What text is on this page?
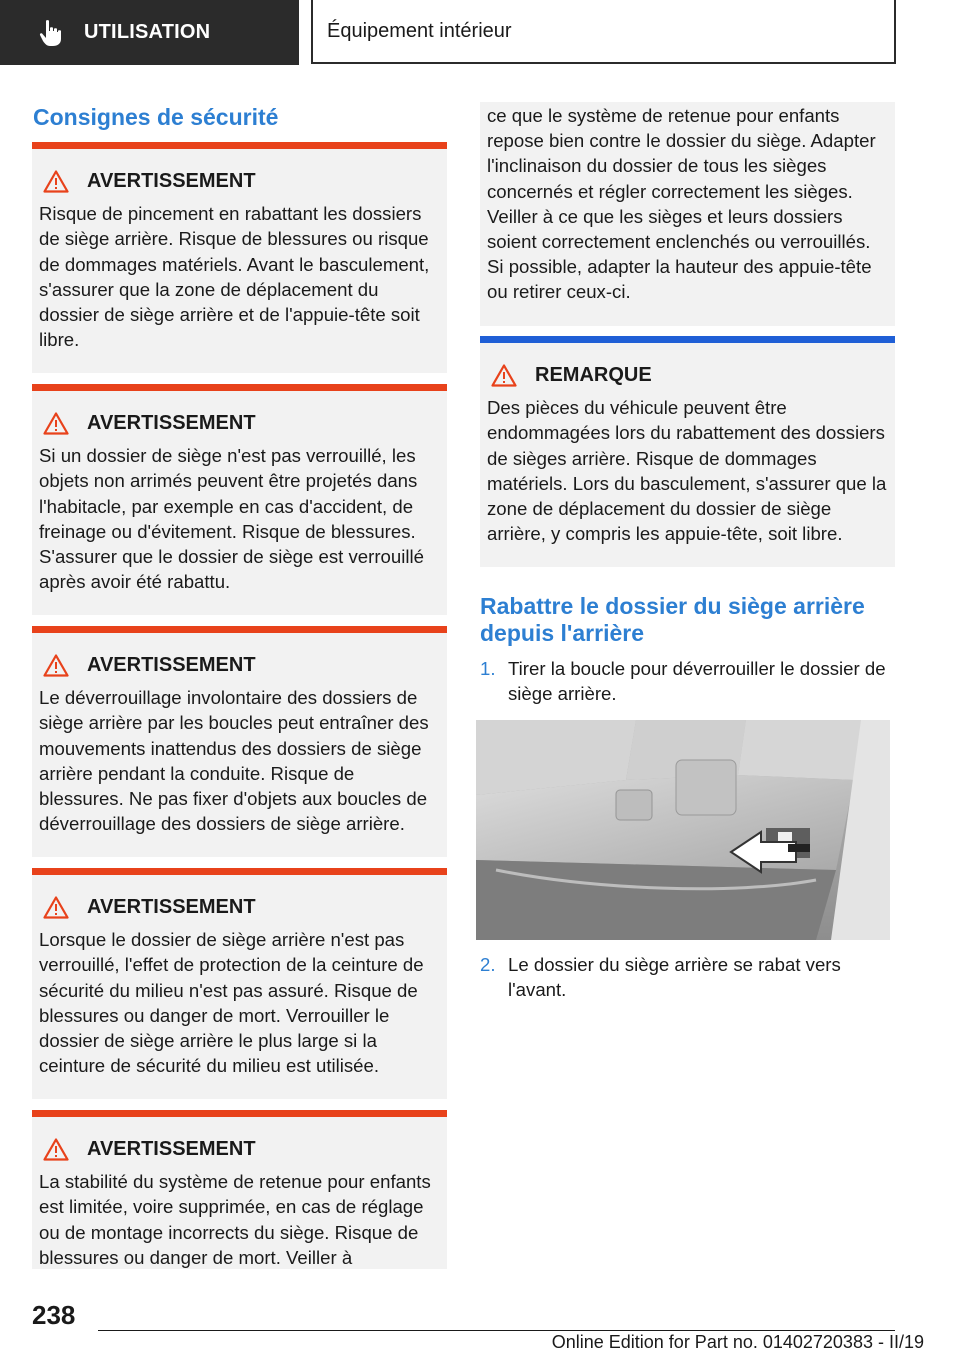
UTILISATION	Équipement intérieur
Consignes de sécurité
AVERTISSEMENT

Risque de pincement en rabattant les dossiers de siège arrière. Risque de blessures ou risque de dommages matériels. Avant le basculement, s'assurer que la zone de déplacement du dossier de siège arrière et de l'appuie-tête soit libre.

AVERTISSEMENT

Si un dossier de siège n'est pas verrouillé, les objets non arrimés peuvent être projetés dans l'habitacle, par exemple en cas d'accident, de freinage ou d'évitement. Risque de blessures. S'assurer que le dossier de siège est verrouillé après avoir été rabattu.

AVERTISSEMENT

Le déverrouillage involontaire des dossiers de siège arrière par les boucles peut entraîner des mouvements inattendus des dossiers de siège arrière pendant la conduite. Risque de blessures. Ne pas fixer d'objets aux boucles de déverrouillage des dossiers de siège arrière.

AVERTISSEMENT

Lorsque le dossier de siège arrière n'est pas verrouillé, l'effet de protection de la ceinture de sécurité du milieu n'est pas assuré. Risque de blessures ou danger de mort. Verrouiller le dossier de siège arrière le plus large si la ceinture de sécurité du milieu est utilisée.

AVERTISSEMENT

La stabilité du système de retenue pour enfants est limitée, voire supprimée, en cas de réglage ou de montage incorrects du siège. Risque de blessures ou danger de mort. Veiller à

ce que le système de retenue pour enfants repose bien contre le dossier du siège. Adapter l'inclinaison du dossier de tous les sièges concernés et régler correctement les sièges. Veiller à ce que les sièges et leurs dossiers soient correctement enclenchés ou verrouillés. Si possible, adapter la hauteur des appuie-tête ou retirer ceux-ci.

REMARQUE

Des pièces du véhicule peuvent être endommagées lors du rabattement des dossiers de sièges arrière. Risque de dommages matériels. Lors du basculement, s'assurer que la zone de déplacement du dossier de siège arrière, y compris les appuie-tête, soit libre.

Rabattre le dossier du siège arrière depuis l'arrière
1. Tirer la boucle pour déverrouiller le dossier de siège arrière.
2. Le dossier du siège arrière se rabat vers l'avant.
238
Online Edition for Part no. 01402720383 - II/19
